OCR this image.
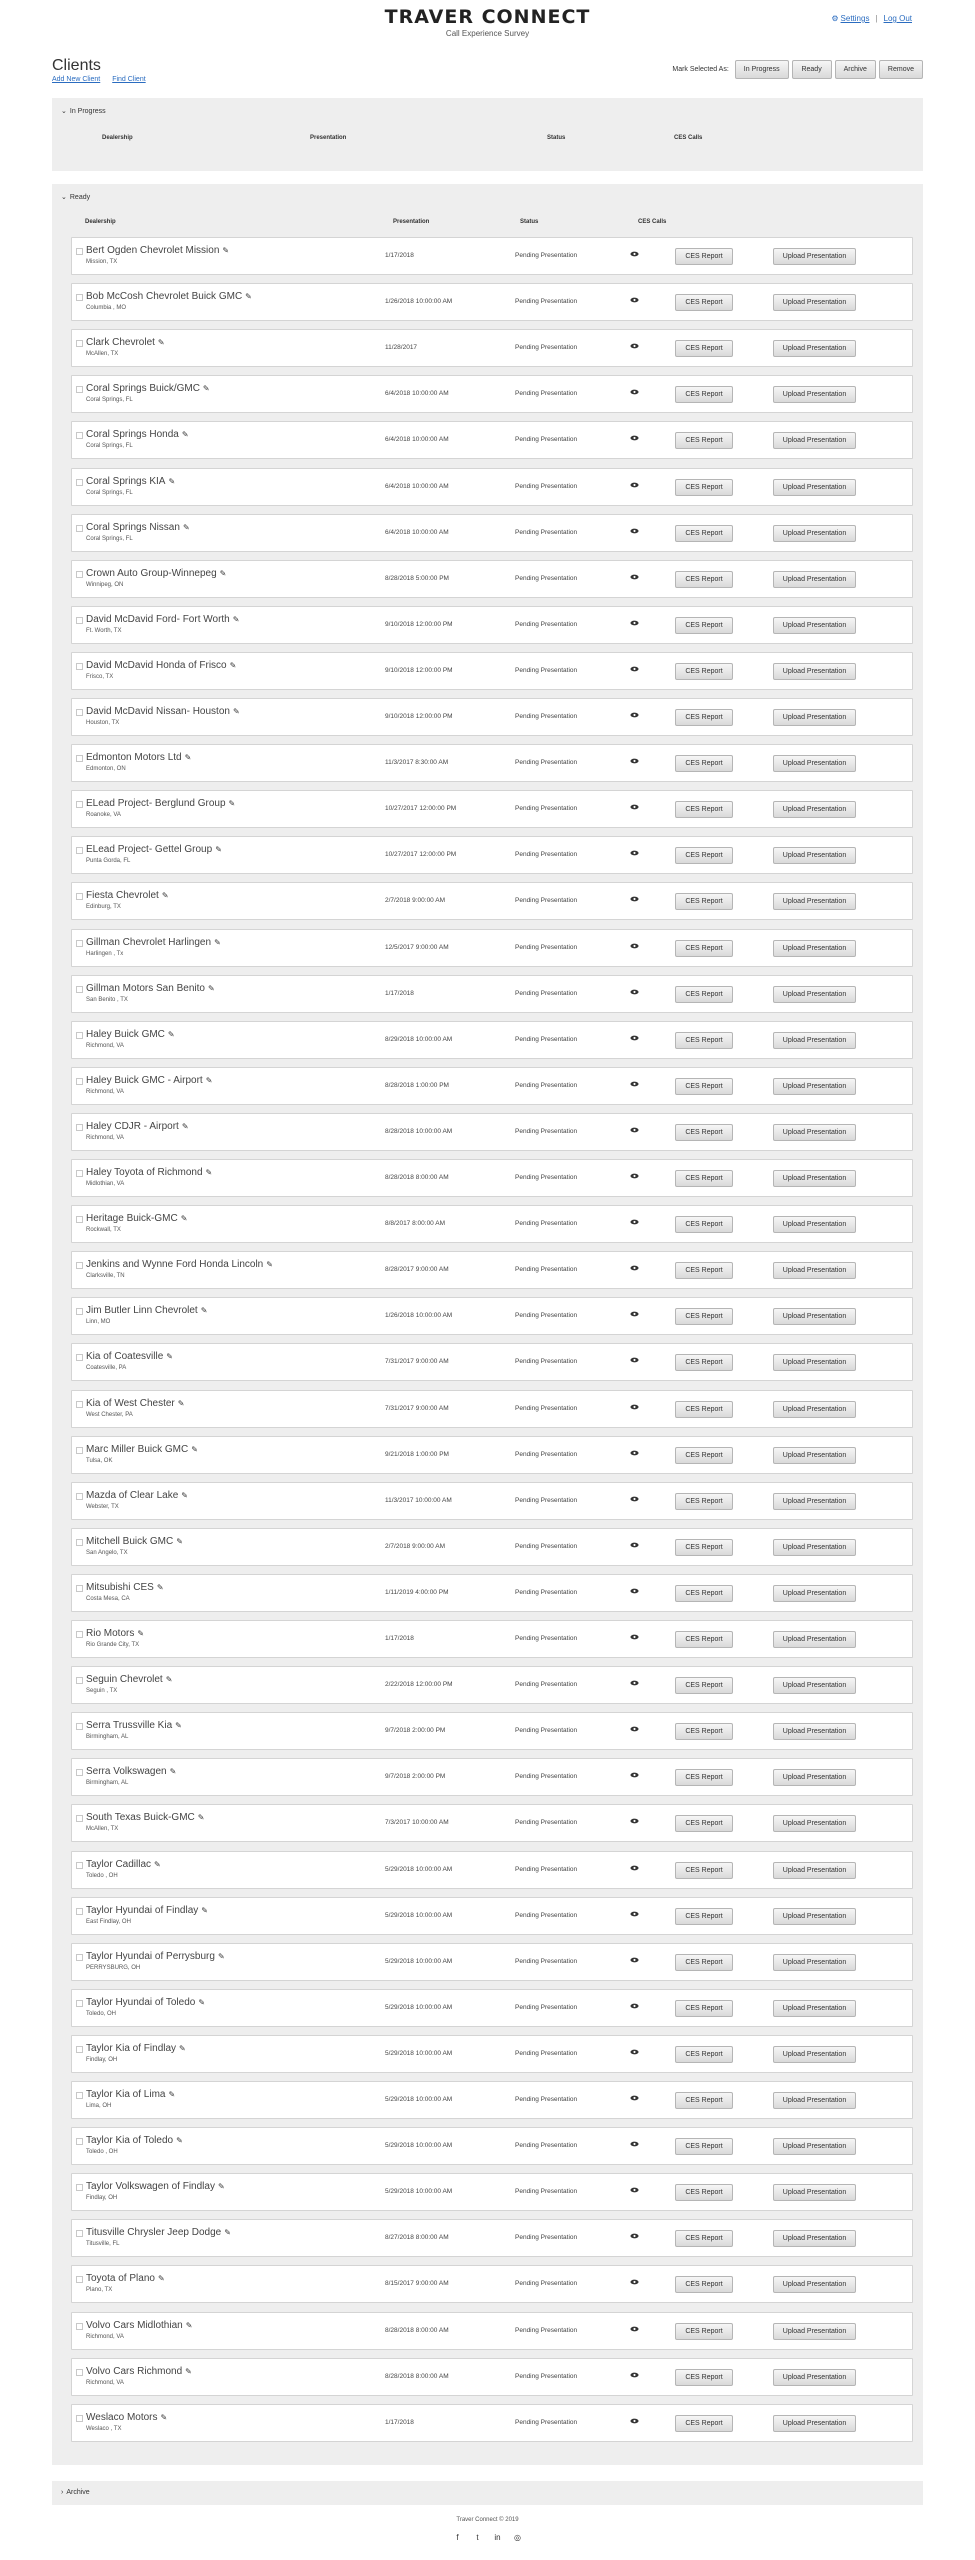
TRAVER CONNECT
Call Experience Survey
⚙ Settings | Log Out
Clients
Add New Client Find Client
Mark Selected As:	In Progress	Ready	Archive	Remove
⌄ In Progress
Dealership	Presentation	Status	CES Calls
⌄ Ready
Dealership	Presentation	Status	CES Calls
Bert Ogden Chevrolet Mission ✎
Mission, TX
1/17/2018	Pending Presentation	CES Report	Upload Presentation
Bob McCosh Chevrolet Buick GMC ✎
Columbia , MO
1/26/2018 10:00:00 AM	Pending Presentation	CES Report	Upload Presentation
Clark Chevrolet ✎
McAllen, TX
11/28/2017	Pending Presentation	CES Report	Upload Presentation
Coral Springs Buick/GMC ✎
Coral Springs, FL
6/4/2018 10:00:00 AM	Pending Presentation	CES Report	Upload Presentation
Coral Springs Honda ✎
Coral Springs, FL
6/4/2018 10:00:00 AM	Pending Presentation	CES Report	Upload Presentation
Coral Springs KIA ✎
Coral Springs, FL
6/4/2018 10:00:00 AM	Pending Presentation	CES Report	Upload Presentation
Coral Springs Nissan ✎
Coral Springs, FL
6/4/2018 10:00:00 AM	Pending Presentation	CES Report	Upload Presentation
Crown Auto Group-Winnepeg ✎
Winnipeg, ON
8/28/2018 5:00:00 PM	Pending Presentation	CES Report	Upload Presentation
David McDavid Ford- Fort Worth ✎
Ft. Worth, TX
9/10/2018 12:00:00 PM	Pending Presentation	CES Report	Upload Presentation
David McDavid Honda of Frisco ✎
Frisco, TX
9/10/2018 12:00:00 PM	Pending Presentation	CES Report	Upload Presentation
David McDavid Nissan- Houston ✎
Houston, TX
9/10/2018 12:00:00 PM	Pending Presentation	CES Report	Upload Presentation
Edmonton Motors Ltd ✎
Edmonton, ON
11/3/2017 8:30:00 AM	Pending Presentation	CES Report	Upload Presentation
ELead Project- Berglund Group ✎
Roanoke, VA
10/27/2017 12:00:00 PM	Pending Presentation	CES Report	Upload Presentation
ELead Project- Gettel Group ✎
Punta Gorda, FL
10/27/2017 12:00:00 PM	Pending Presentation	CES Report	Upload Presentation
Fiesta Chevrolet ✎
Edinburg, TX
2/7/2018 9:00:00 AM	Pending Presentation	CES Report	Upload Presentation
Gillman Chevrolet Harlingen ✎
Harlingen , Tx
12/5/2017 9:00:00 AM	Pending Presentation	CES Report	Upload Presentation
Gillman Motors San Benito ✎
San Benito , TX
1/17/2018	Pending Presentation	CES Report	Upload Presentation
Haley Buick GMC ✎
Richmond, VA
8/29/2018 10:00:00 AM	Pending Presentation	CES Report	Upload Presentation
Haley Buick GMC - Airport ✎
Richmond, VA
8/28/2018 1:00:00 PM	Pending Presentation	CES Report	Upload Presentation
Haley CDJR - Airport ✎
Richmond, VA
8/28/2018 10:00:00 AM	Pending Presentation	CES Report	Upload Presentation
Haley Toyota of Richmond ✎
Midlothian, VA
8/28/2018 8:00:00 AM	Pending Presentation	CES Report	Upload Presentation
Heritage Buick-GMC ✎
Rockwall, TX
8/8/2017 8:00:00 AM	Pending Presentation	CES Report	Upload Presentation
Jenkins and Wynne Ford Honda Lincoln ✎
Clarksville, TN
8/28/2017 9:00:00 AM	Pending Presentation	CES Report	Upload Presentation
Jim Butler Linn Chevrolet ✎
Linn, MO
1/26/2018 10:00:00 AM	Pending Presentation	CES Report	Upload Presentation
Kia of Coatesville ✎
Coatesville, PA
7/31/2017 9:00:00 AM	Pending Presentation	CES Report	Upload Presentation
Kia of West Chester ✎
West Chester, PA
7/31/2017 9:00:00 AM	Pending Presentation	CES Report	Upload Presentation
Marc Miller Buick GMC ✎
Tulsa, OK
9/21/2018 1:00:00 PM	Pending Presentation	CES Report	Upload Presentation
Mazda of Clear Lake ✎
Webster, TX
11/3/2017 10:00:00 AM	Pending Presentation	CES Report	Upload Presentation
Mitchell Buick GMC ✎
San Angelo, TX
2/7/2018 9:00:00 AM	Pending Presentation	CES Report	Upload Presentation
Mitsubishi CES ✎
Costa Mesa, CA
1/11/2019 4:00:00 PM	Pending Presentation	CES Report	Upload Presentation
Rio Motors ✎
Rio Grande City, TX
1/17/2018	Pending Presentation	CES Report	Upload Presentation
Seguin Chevrolet ✎
Seguin , TX
2/22/2018 12:00:00 PM	Pending Presentation	CES Report	Upload Presentation
Serra Trussville Kia ✎
Birmingham, AL
9/7/2018 2:00:00 PM	Pending Presentation	CES Report	Upload Presentation
Serra Volkswagen ✎
Birmingham, AL
9/7/2018 2:00:00 PM	Pending Presentation	CES Report	Upload Presentation
South Texas Buick-GMC ✎
McAllen, TX
7/3/2017 10:00:00 AM	Pending Presentation	CES Report	Upload Presentation
Taylor Cadillac ✎
Toledo , OH
5/29/2018 10:00:00 AM	Pending Presentation	CES Report	Upload Presentation
Taylor Hyundai of Findlay ✎
East Findlay, OH
5/29/2018 10:00:00 AM	Pending Presentation	CES Report	Upload Presentation
Taylor Hyundai of Perrysburg ✎
PERRYSBURG, OH
5/29/2018 10:00:00 AM	Pending Presentation	CES Report	Upload Presentation
Taylor Hyundai of Toledo ✎
Toledo, OH
5/29/2018 10:00:00 AM	Pending Presentation	CES Report	Upload Presentation
Taylor Kia of Findlay ✎
Findlay, OH
5/29/2018 10:00:00 AM	Pending Presentation	CES Report	Upload Presentation
Taylor Kia of Lima ✎
Lima, OH
5/29/2018 10:00:00 AM	Pending Presentation	CES Report	Upload Presentation
Taylor Kia of Toledo ✎
Toledo , OH
5/29/2018 10:00:00 AM	Pending Presentation	CES Report	Upload Presentation
Taylor Volkswagen of Findlay ✎
Findlay, OH
5/29/2018 10:00:00 AM	Pending Presentation	CES Report	Upload Presentation
Titusville Chrysler Jeep Dodge ✎
Titusville, FL
8/27/2018 8:00:00 AM	Pending Presentation	CES Report	Upload Presentation
Toyota of Plano ✎
Plano, TX
8/15/2017 9:00:00 AM	Pending Presentation	CES Report	Upload Presentation
Volvo Cars Midlothian ✎
Richmond, VA
8/28/2018 8:00:00 AM	Pending Presentation	CES Report	Upload Presentation
Volvo Cars Richmond ✎
Richmond, VA
8/28/2018 8:00:00 AM	Pending Presentation	CES Report	Upload Presentation
Weslaco Motors ✎
Weslaco , TX
1/17/2018	Pending Presentation	CES Report	Upload Presentation
› Archive
Traver Connect © 2019
f	t	in ◎
